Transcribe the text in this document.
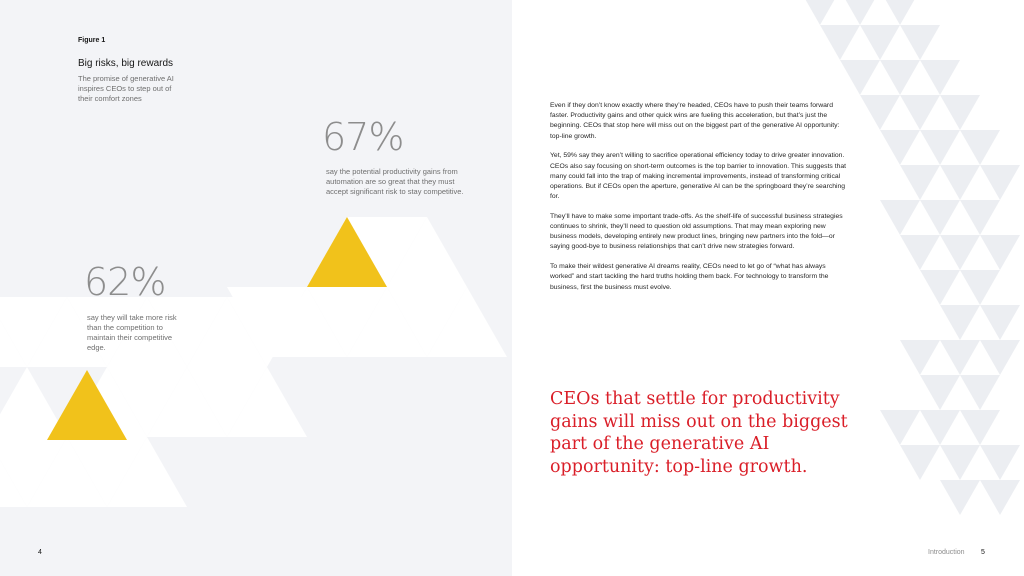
Figure 1
Big risks, big rewards
The promise of generative AI inspires CEOs to step out of their comfort zones
67%
say the potential productivity gains from automation are so great that they must accept significant risk to stay competitive.
62%
say they will take more risk than the competition to maintain their competitive edge.
4

Even if they don’t know exactly where they’re headed, CEOs have to push their teams forward faster. Productivity gains and other quick wins are fueling this acceleration, but that’s just the beginning. CEOs that stop here will miss out on the biggest part of the generative AI opportunity: top-line growth.

Yet, 59% say they aren’t willing to sacrifice operational efficiency today to drive greater innovation. CEOs also say focusing on short-term outcomes is the top barrier to innovation. This suggests that many could fall into the trap of making incremental improvements, instead of transforming critical operations. But if CEOs open the aperture, generative AI can be the springboard they’re searching for.

They’ll have to make some important trade-offs. As the shelf-life of successful business strategies continues to shrink, they’ll need to question old assumptions. That may mean exploring new business models, developing entirely new product lines, bringing new partners into the fold—or saying good-bye to business relationships that can’t drive new strategies forward.

To make their wildest generative AI dreams reality, CEOs need to let go of “what has always worked” and start tackling the hard truths holding them back. For technology to transform the business, first the business must evolve.

CEOs that settle for productivity gains will miss out on the biggest part of the generative AI opportunity: top-line growth.
Introduction 5
